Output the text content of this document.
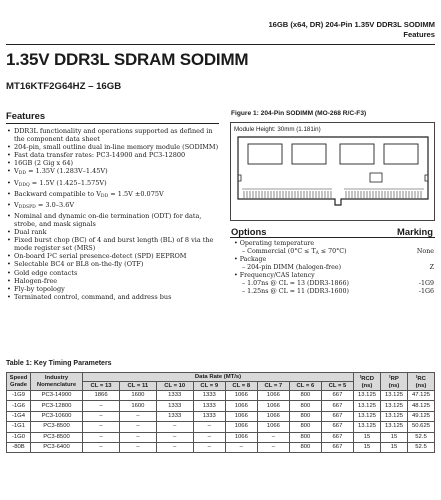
16GB (x64, DR) 204-Pin 1.35V DDR3L SODIMM
Features
1.35V DDR3L SDRAM SODIMM
MT16KTF2G64HZ – 16GB
Features
• DDR3L functionality and operations supported as defined in the component data sheet
• 204-pin, small outline dual in-line memory module (SODIMM)
• Fast data transfer rates: PC3-14900 and PC3-12800
• 16GB (2 Gig x 64)
• $V_{DD} = 1.35V$ (1.283V–1.45V)
• $V_{DDQ} = 1.5V$ (1.425–1.575V)
• Backward compatible to $V_{DD} = 1.5V \pm 0.075V$
• $V_{DDSPD} = 3.0-3.6V$
• Nominal and dynamic on-die termination (ODT) for data, strobe, and mask signals
• Dual rank
• Fixed burst chop (BC) of 4 and burst length (BL) of 8 via the mode register set (MRS)
• On-board I²C serial presence-detect (SPD) EEPROM
• Selectable BC4 or BL8 on-the-fly (OTF)
• Gold edge contacts
• Halogen-free
• Fly-by topology
• Terminated control, command, and address bus
Figure 1: 204-Pin SODIMM (MO-268 R/C-F3)
Module Height: 30mm (1.181in)
Options	Marking
• Operating temperature
– Commercial $(0^\circ C \le T_A \le 70^\circ C)$	None
• Package
– 204-pin DIMM (halogen-free)	Z
• Frequency/CAS latency
– 1.07ns @ CL = 13 (DDR3-1866)	-1G9
– 1.25ns @ CL = 11 (DDR3-1600)	-1G6
Table 1: Key Timing Parameters
Speed Grade	Industry Nomenclature	Data Rate (MT/s)								$^t$RCD
(ns)	$^t$RP
(ns)	$^t$RC
(ns)
		CL = 13	CL = 11	CL = 10	CL = 9	CL = 8	CL = 7	CL = 6	CL = 5			
-1G9	PC3-14900	1866	1600	1333	1333	1066	1066	800	667	13.125	13.125	47.125
-1G6	PC3-12800	–	1600	1333	1333	1066	1066	800	667	13.125	13.125	48.125
-1G4	PC3-10600	–	–	1333	1333	1066	1066	800	667	13.125	13.125	49.125
-1G1	PC3-8500	–	–	–	–	1066	1066	800	667	13.125	13.125	50.625
-1G0	PC3-8500	–	–	–	–	1066	–	800	667	15	15	52.5
-80B	PC3-6400	–	–	–	–	–	–	800	667	15	15	52.5
